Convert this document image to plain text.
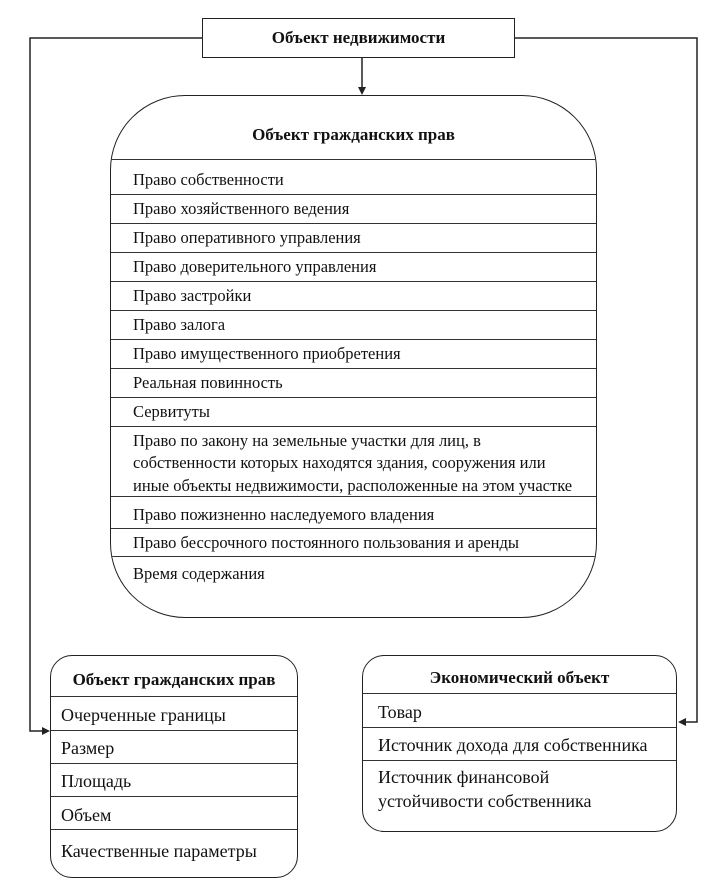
Объект недвижимости
Объект гражданских прав
Право собственности
Право хозяйственного ведения
Право оперативного управления
Право доверительного управления
Право застройки
Право залога
Право имущественного приобретения
Реальная повинность
Сервитуты
Право по закону на земельные участки для лиц, в
собственности которых находятся здания, сооружения или
иные объекты недвижимости, расположенные на этом участке
Право пожизненно наследуемого владения
Право бессрочного постоянного пользования и аренды
Время содержания
Объект гражданских прав
Очерченные границы
Размер
Площадь
Объем
Качественные параметры
Экономический объект
Товар
Источник дохода для собственника
Источник финансовой
устойчивости собственника
